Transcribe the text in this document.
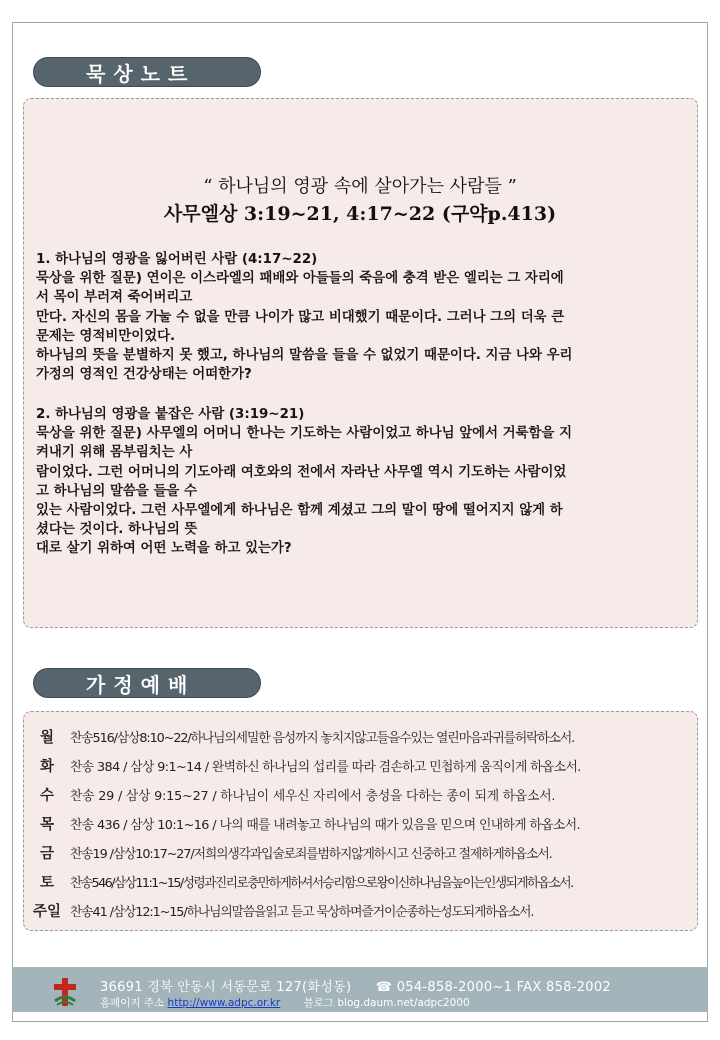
묵상노트
“ 하나님의 영광 속에 살아가는 사람들 ”
사무엘상 3:19~21, 4:17~22 (구약p.413)
1. 하나님의 영광을 잃어버린 사람 (4:17~22)
묵상을 위한 질문) 연이은 이스라엘의 패배와 아들들의 죽음에 충격 받은 엘리는 그 자리에
서 목이 부러져 죽어버리고
만다. 자신의 몸을 가눌 수 없을 만큼 나이가 많고 비대했기 때문이다. 그러나 그의 더욱 큰
문제는 영적비만이었다.
하나님의 뜻을 분별하지 못 했고, 하나님의 말씀을 들을 수 없었기 때문이다. 지금 나와 우리
가정의 영적인 건강상태는 어떠한가?
2. 하나님의 영광을 붙잡은 사람 (3:19~21)
묵상을 위한 질문) 사무엘의 어머니 한나는 기도하는 사람이었고 하나님 앞에서 거룩함을 지
켜내기 위해 몸부림치는 사
람이었다. 그런 어머니의 기도아래 여호와의 전에서 자라난 사무엘 역시 기도하는 사람이었
고 하나님의 말씀을 들을 수
있는 사람이었다. 그런 사무엘에게 하나님은 함께 계셨고 그의 말이 땅에 떨어지지 않게 하
셨다는 것이다. 하나님의 뜻
대로 살기 위하여 어떤 노력을 하고 있는가?
가정예배
월	찬송516/삼상8:10~22/하나님의세밀한 음성까지 놓치지않고들을수있는 열린마음과귀를허락하소서.
화	찬송 384 / 삼상 9:1~14 / 완벽하신 하나님의 섭리를 따라 겸손하고 민첩하게 움직이게 하옵소서.
수	찬송 29 / 삼상 9:15~27 / 하나님이 세우신 자리에서 충성을 다하는 종이 되게 하옵소서.
목	찬송 436 / 삼상 10:1~16 / 나의 때를 내려놓고 하나님의 때가 있음을 믿으며 인내하게 하옵소서.
금	찬송19 /삼상10:17~27/저희의생각과입술로죄를범하지않게하시고 신중하고 절제하게하옵소서.
토	찬송546/삼상11:1~15/성령과진리로충만하게하셔서승리함으로왕이신하나님을높이는인생되게하옵소서.
주일 찬송41 /삼상12:1~15/하나님의말씀을읽고 듣고 묵상하며즐거이순종하는성도되게하옵소서.
36691 경북 안동시 서동문로 127(화성동) ☎ 054-858-2000~1 FAX 858-2002
홈페이지 주소 http://www.adpc.or.kr 블로그 blog.daum.net/adpc2000
